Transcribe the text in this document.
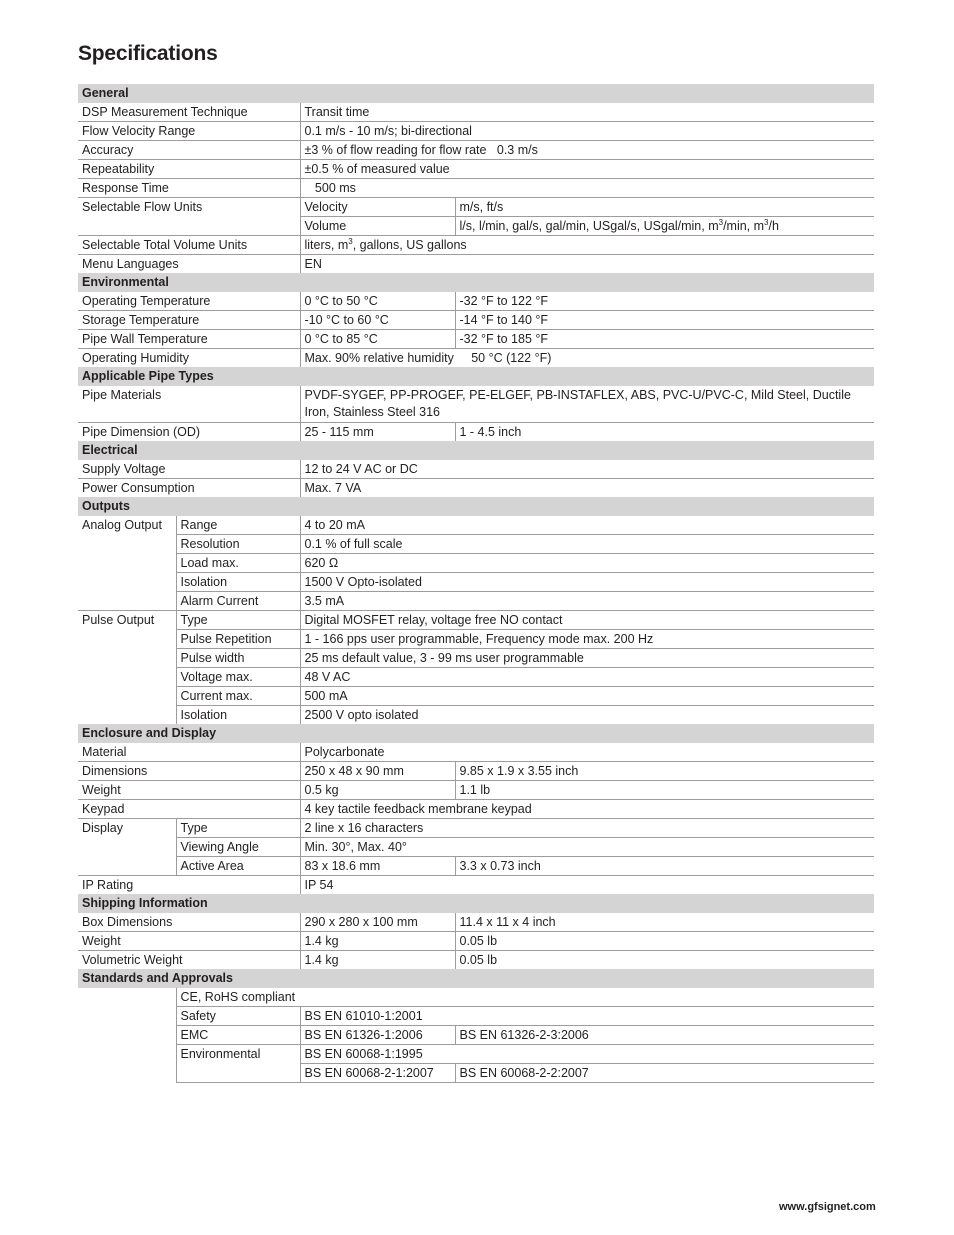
Specifications
General			
DSP Measurement Technique		Transit time	
Flow Velocity Range		0.1 m/s - 10 m/s; bi-directional	
Accuracy		±3 % of flow reading for flow rate   0.3 m/s	
Repeatability		±0.5 % of measured value	
Response Time		500 ms	
Selectable Flow Units		Velocity	m/s, ft/s
		Volume	l/s, l/min, gal/s, gal/min, USgal/s, USgal/min, $m^3/\min$, $m^3/h$
Selectable Total Volume Units		liters, $m^3$, gallons, US gallons	
Menu Languages		EN	
Environmental			
Operating Temperature		0 °C to 50 °C	-32 °F to 122 °F
Storage Temperature		-10 °C to 60 °C	-14 °F to 140 °F
Pipe Wall Temperature		0 °C to 85 °C	-32 °F to 185 °F
Operating Humidity		Max. 90% relative humidity     50 °C (122 °F)	
Applicable Pipe Types			
Pipe Materials		PVDF-SYGEF, PP-PROGEF, PE-ELGEF, PB-INSTAFLEX, ABS, PVC-U/PVC-C, Mild Steel, Ductile Iron, Stainless Steel 316	
Pipe Dimension (OD)		25 - 115 mm	1 - 4.5 inch
Electrical			
Supply Voltage		12 to 24 V AC or DC	
Power Consumption		Max. 7 VA	
Outputs			
Analog Output	Range	4 to 20 mA	
	Resolution	0.1 % of full scale	
	Load max.	620 Ω	
	Isolation	1500 V Opto-isolated	
	Alarm Current	3.5 mA	
Pulse Output	Type	Digital MOSFET relay, voltage free NO contact	
	Pulse Repetition	1 - 166 pps user programmable, Frequency mode max. 200 Hz	
	Pulse width	25 ms default value, 3 - 99 ms user programmable	
	Voltage max.	48 V AC	
	Current max.	500 mA	
	Isolation	2500 V opto isolated	
Enclosure and Display			
Material		Polycarbonate	
Dimensions		250 x 48 x 90 mm	9.85 x 1.9 x 3.55 inch
Weight		0.5 kg	1.1 lb
Keypad		4 key tactile feedback membrane keypad	
Display	Type	2 line x 16 characters	
	Viewing Angle	Min. 30°, Max. 40°	
	Active Area	83 x 18.6 mm	3.3 x 0.73 inch
IP Rating		IP 54	
Shipping Information			
Box Dimensions		290 x 280 x 100 mm	11.4 x 11 x 4 inch
Weight		1.4 kg	0.05 lb
Volumetric Weight		1.4 kg	0.05 lb
Standards and Approvals			
	CE, RoHS compliant		
	Safety	BS EN 61010-1:2001	
	EMC	BS EN 61326-1:2006	BS EN 61326-2-3:2006
	Environmental	BS EN 60068-1:1995	
		BS EN 60068-2-1:2007	BS EN 60068-2-2:2007
www.gfsignet.com
